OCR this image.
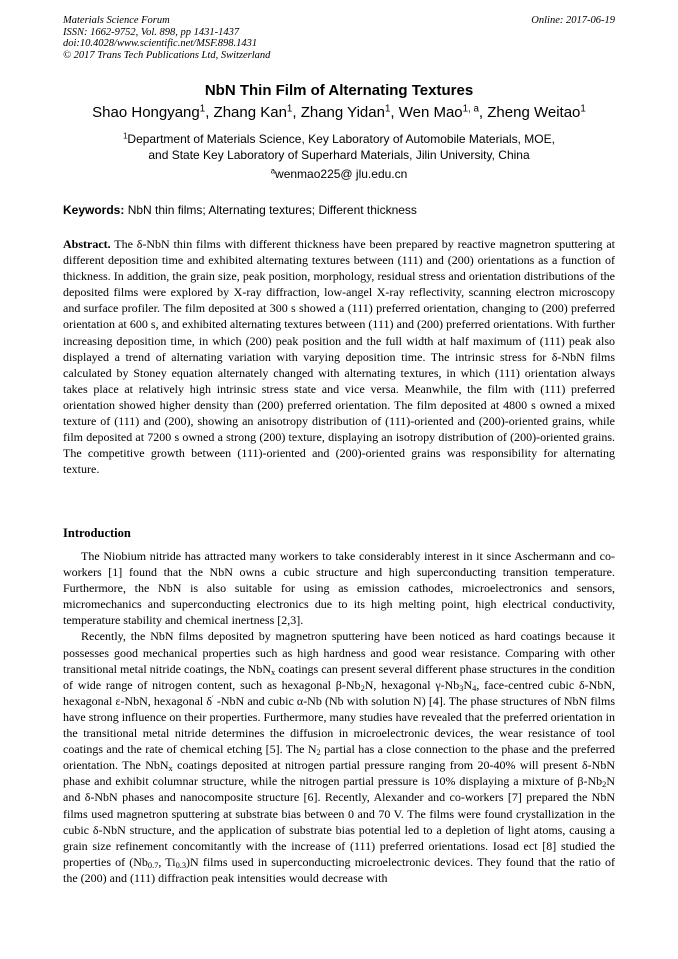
Materials Science Forum
ISSN: 1662-9752, Vol. 898, pp 1431-1437
doi:10.4028/www.scientific.net/MSF.898.1431
© 2017 Trans Tech Publications Ltd, Switzerland
Online: 2017-06-19
NbN Thin Film of Alternating Textures
Shao Hongyang$^1$, Zhang Kan$^1$, Zhang Yidan$^1$, Wen Mao$^{1, a}$, Zheng Weitao$^1$
$^1$Department of Materials Science, Key Laboratory of Automobile Materials, MOE,
and State Key Laboratory of Superhard Materials, Jilin University, China
$^a$wenmao225@ jlu.edu.cn
Keywords: NbN thin films; Alternating textures; Different thickness
Abstract. The δ-NbN thin films with different thickness have been prepared by reactive magnetron sputtering at different deposition time and exhibited alternating textures between (111) and (200) orientations as a function of thickness. In addition, the grain size, peak position, morphology, residual stress and orientation distributions of the deposited films were explored by X-ray diffraction, low-angel X-ray reflectivity, scanning electron microscopy and surface profiler. The film deposited at 300 s showed a (111) preferred orientation, changing to (200) preferred orientation at 600 s, and exhibited alternating textures between (111) and (200) preferred orientations. With further increasing deposition time, in which (200) peak position and the full width at half maximum of (111) peak also displayed a trend of alternating variation with varying deposition time. The intrinsic stress for δ-NbN films calculated by Stoney equation alternately changed with alternating textures, in which (111) orientation always takes place at relatively high intrinsic stress state and vice versa. Meanwhile, the film with (111) preferred orientation showed higher density than (200) preferred orientation. The film deposited at 4800 s owned a mixed texture of (111) and (200), showing an anisotropy distribution of (111)-oriented and (200)-oriented grains, while film deposited at 7200 s owned a strong (200) texture, displaying an isotropy distribution of (200)-oriented grains. The competitive growth between (111)-oriented and (200)-oriented grains was responsibility for alternating texture.
Introduction

The Niobium nitride has attracted many workers to take considerably interest in it since Aschermann and co-workers [1] found that the NbN owns a cubic structure and high superconducting transition temperature. Furthermore, the NbN is also suitable for using as emission cathodes, microelectronics and sensors, micromechanics and superconducting electronics due to its high melting point, high electrical conductivity, temperature stability and chemical inertness [2,3].

Recently, the NbN films deposited by magnetron sputtering have been noticed as hard coatings because it possesses good mechanical properties such as high hardness and good wear resistance. Comparing with other transitional metal nitride coatings, the NbN$_x$ coatings can present several different phase structures in the condition of wide range of nitrogen content, such as hexagonal $\beta-Nb_2N$, hexagonal $\gamma-Nb_3N_4$, face-centred cubic δ-NbN, hexagonal ε-NbN, hexagonal δ′ -NbN and cubic α-Nb (Nb with solution N) [4]. The phase structures of NbN films have strong influence on their properties. Furthermore, many studies have revealed that the preferred orientation in the transitional metal nitride determines the diffusion in microelectronic devices, the wear resistance of tool coatings and the rate of chemical etching [5]. The $N_2$ partial has a close connection to the phase and the preferred orientation. The NbN$_x$ coatings deposited at nitrogen partial pressure ranging from 20-40% will present δ-NbN phase and exhibit columnar structure, while the nitrogen partial pressure is 10% displaying a mixture of $\beta-Nb_2N$ and δ-NbN phases and nanocomposite structure [6]. Recently, Alexander and co-workers [7] prepared the NbN films used magnetron sputtering at substrate bias between 0 and 70 V. The films were found crystallization in the cubic δ-NbN structure, and the application of substrate bias potential led to a depletion of light atoms, causing a grain size refinement concomitantly with the increase of (111) preferred orientations. Iosad ect [8] studied the properties of ($Nb_{0.7}$, $Ti_{0.3})N$ films used in superconducting microelectronic devices. They found that the ratio of the (200) and (111) diffraction peak intensities would decrease with
